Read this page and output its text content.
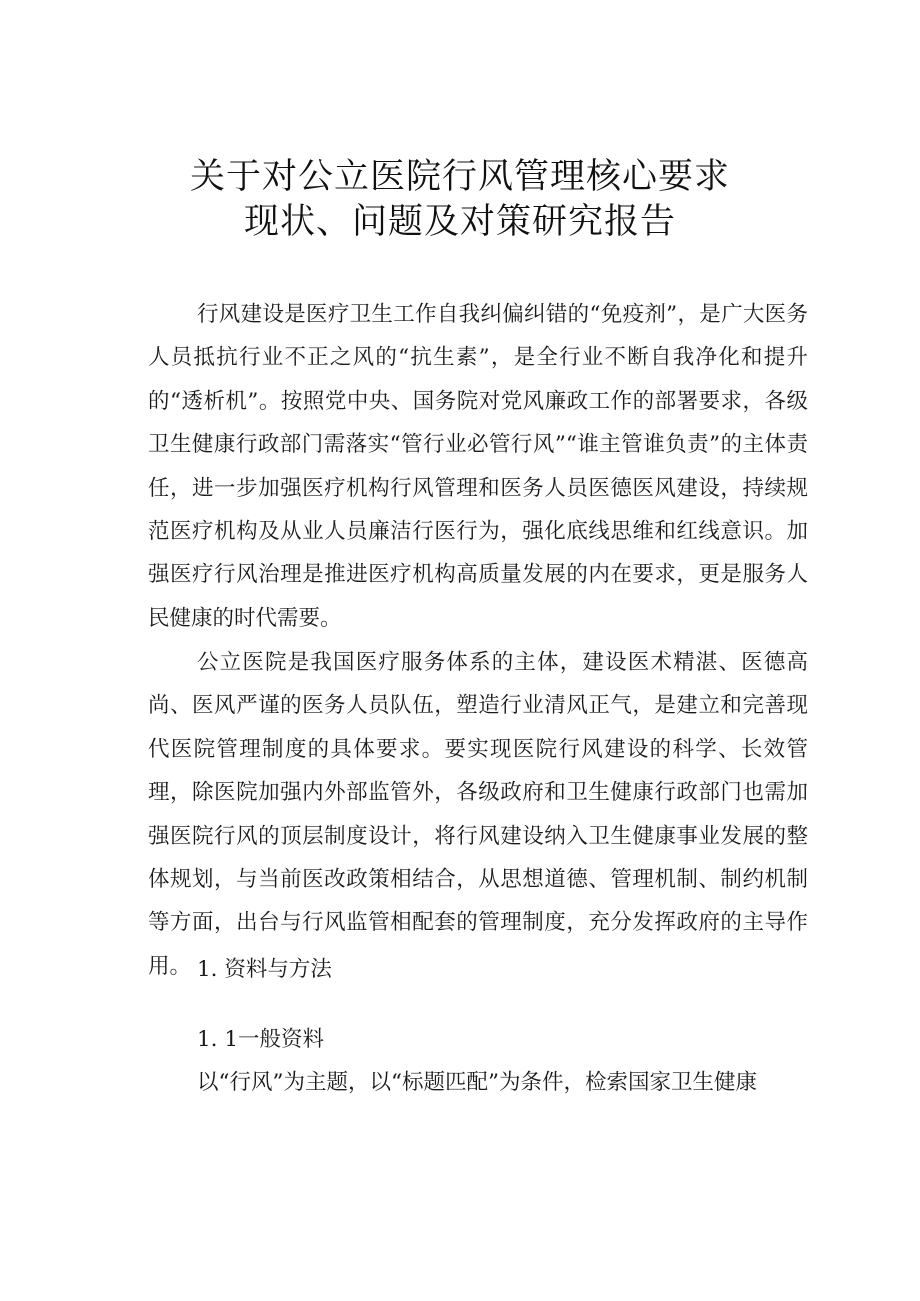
关于对公立医院行风管理核心要求
现状、问题及对策研究报告

行风建设是医疗卫生工作自我纠偏纠错的“免疫剂”，是广大医务人员抵抗行业不正之风的“抗生素”，是全行业不断自我净化和提升的“透析机”。按照党中央、国务院对党风廉政工作的部署要求，各级卫生健康行政部门需落实“管行业必管行风”“谁主管谁负责”的主体责任，进一步加强医疗机构行风管理和医务人员医德医风建设，持续规范医疗机构及从业人员廉洁行医行为，强化底线思维和红线意识。加强医疗行风治理是推进医疗机构高质量发展的内在要求，更是服务人民健康的时代需要。

公立医院是我国医疗服务体系的主体，建设医术精湛、医德高尚、医风严谨的医务人员队伍，塑造行业清风正气，是建立和完善现代医院管理制度的具体要求。要实现医院行风建设的科学、长效管理，除医院加强内外部监管外，各级政府和卫生健康行政部门也需加强医院行风的顶层制度设计，将行风建设纳入卫生健康事业发展的整体规划，与当前医改政策相结合，从思想道德、管理机制、制约机制等方面，出台与行风监管相配套的管理制度，充分发挥政府的主导作用。 1. 资料与方法

1. 1一般资料

以“行风”为主题，以“标题匹配”为条件，检索国家卫生健康
